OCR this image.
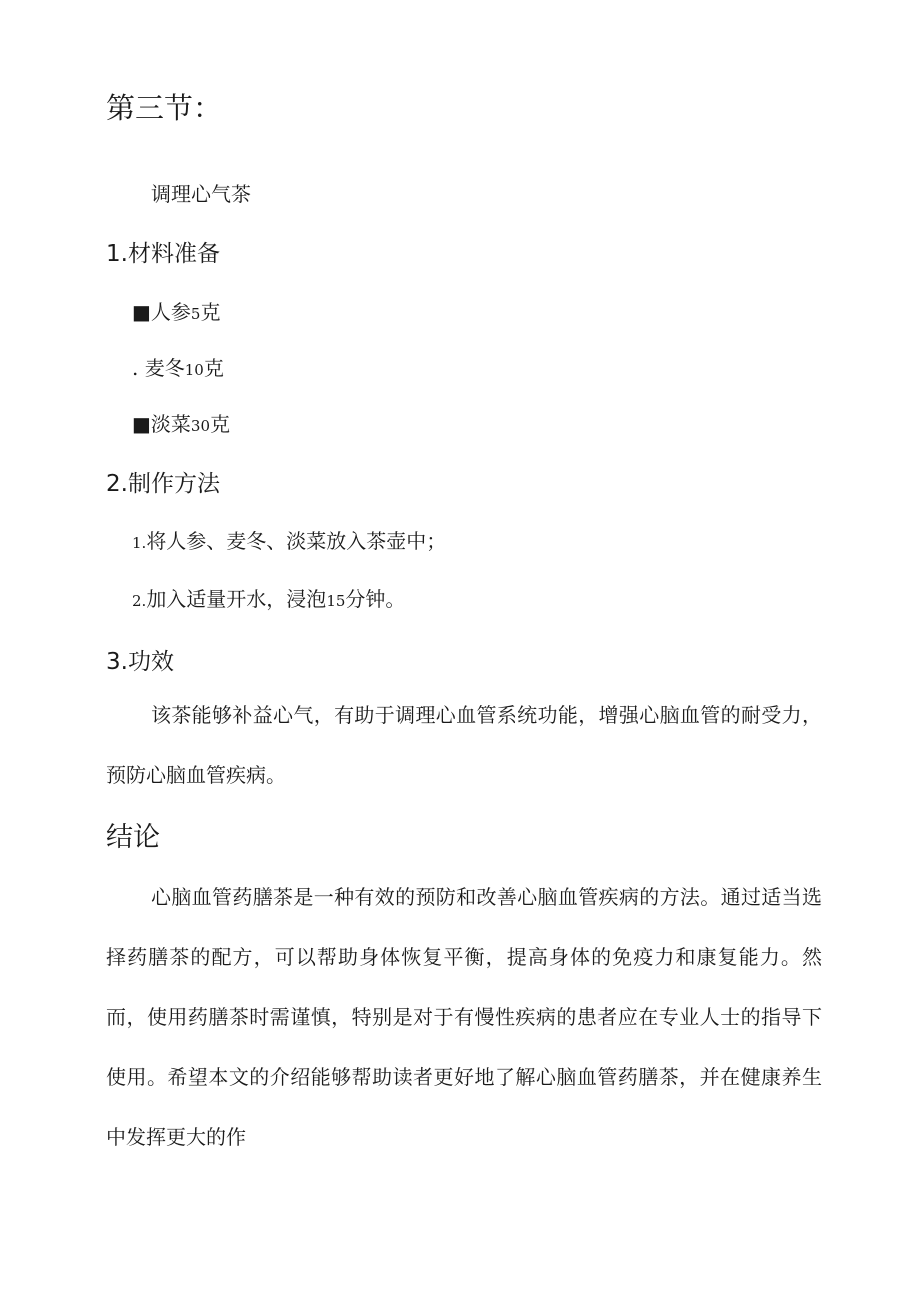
第三节：
调理心气茶
1.材料准备
■人参5克
. 麦冬10克
■淡菜30克
2.制作方法
1.将人参、麦冬、淡菜放入茶壶中；
2.加入适量开水，浸泡15分钟。
3.功效
该茶能够补益心气，有助于调理心血管系统功能，增强心脑血管的耐受力，预防心脑血管疾病。
结论
心脑血管药膳茶是一种有效的预防和改善心脑血管疾病的方法。通过适当选择药膳茶的配方，可以帮助身体恢复平衡，提高身体的免疫力和康复能力。然而，使用药膳茶时需谨慎，特别是对于有慢性疾病的患者应在专业人士的指导下使用。希望本文的介绍能够帮助读者更好地了解心脑血管药膳茶，并在健康养生中发挥更大的作
